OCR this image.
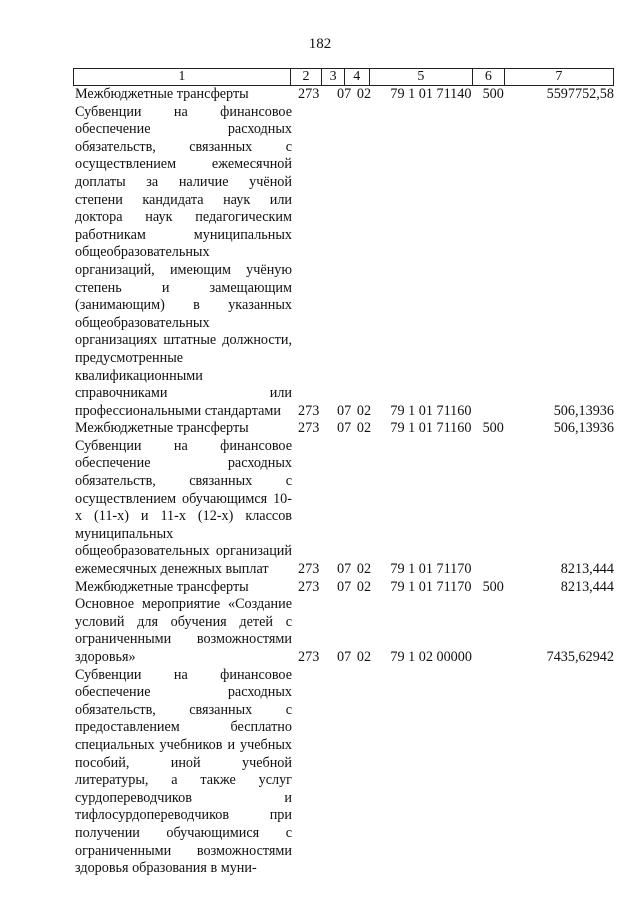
182
1	2	3	4	5	6	7
Межбюджетные трансферты	273	07 02	79 1 01 71140 500	5597752,58
Субвенции на финансовое обеспечение расходных обязательств, связанных с осуществлением ежемесячной доплаты за наличие учёной степени кандидата наук или доктора наук педагогическим работникам муниципальных общеобразовательных организаций, имеющим учёную степень и замещающим (занимающим) в указанных общеобразовательных организациях штатные должности, предусмотренные квалификационными справочниками или профессиональными стандартами	273	07 02	79 1 01 71160	506,13936
Межбюджетные трансферты	273	07 02	79 1 01 71160 500	506,13936
Субвенции на финансовое обеспечение расходных обязательств, связанных с осуществлением обучающимся 10-х (11-х) и 11-х (12-х) классов муниципальных общеобразовательных организаций ежемесячных денежных выплат	273	07 02	79 1 01 71170	8213,444
Межбюджетные трансферты	273	07 02	79 1 01 71170 500	8213,444
Основное мероприятие «Создание условий для обучения детей с ограниченными возможностями здоровья»	273	07 02	79 1 02 00000	7435,62942
Субвенции на финансовое обеспечение расходных обязательств, связанных с предоставлением бесплатно специальных учебников и учебных пособий, иной учебной литературы, а также услуг сурдопереводчиков и тифлосурдопереводчиков при получении обучающимися с ограниченными возможностями здоровья образования в муни-
